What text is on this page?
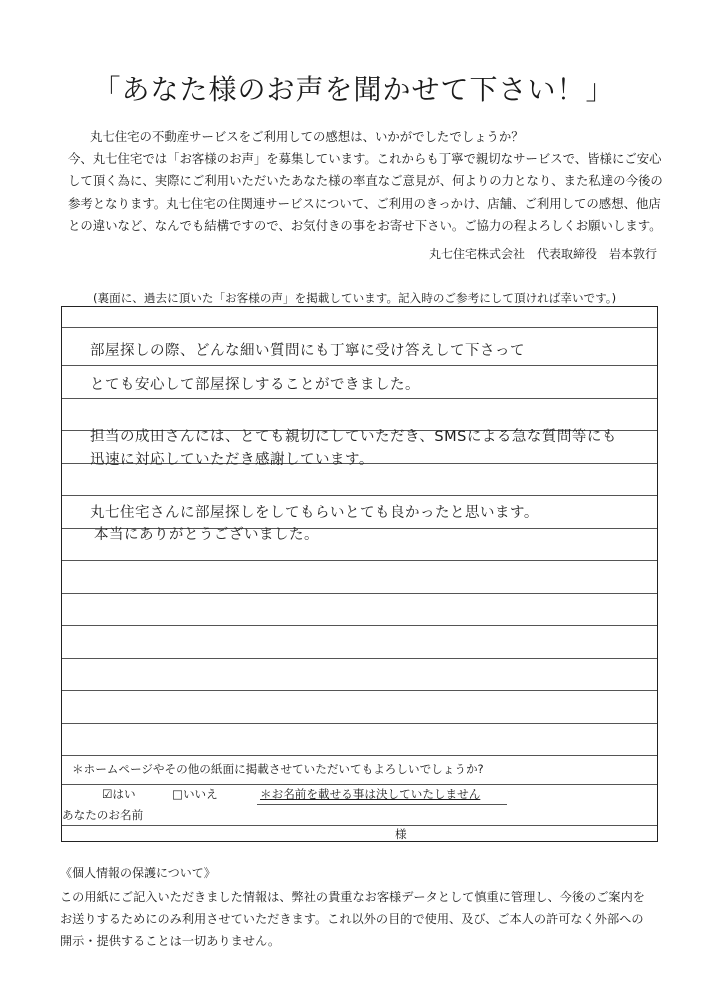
「あなた様のお声を聞かせて下さい！」
丸七住宅の不動産サービスをご利用しての感想は、いかがでしたでしょうか？
今、丸七住宅では「お客様のお声」を募集しています。これからも丁寧で親切なサービスで、皆様にご安心
して頂く為に、実際にご利用いただいたあなた様の率直なご意見が、何よりの力となり、また私達の今後の
参考となります。丸七住宅の住関連サービスについて、ご利用のきっかけ、店舗、ご利用しての感想、他店
との違いなど、なんでも結構ですので、お気付きの事をお寄せ下さい。ご協力の程よろしくお願いします。
丸七住宅株式会社　代表取締役　岩本敦行
(裏面に、過去に頂いた「お客様の声」を掲載しています。記入時のご参考にして頂ければ幸いです。)
部屋探しの際、どんな細い質問にも丁寧に受け答えして下さって
とても安心して部屋探しすることができました。
担当の成田さんには、とても親切にしていただき、SMSによる急な質問等にも
迅速に対応していただき感謝しています。
丸七住宅さんに部屋探しをしてもらいとても良かったと思います。
本当にありがとうございました。
＊ホームページやその他の紙面に掲載させていただいてもよろしいでしょうか?
☑はい	□いいえ	＊お名前を載せる事は決していたしません
あなたのお名前
様
《個人情報の保護について》
この用紙にご記入いただきました情報は、弊社の貴重なお客様データとして慎重に管理し、今後のご案内を
お送りするためにのみ利用させていただきます。これ以外の目的で使用、及び、ご本人の許可なく外部への
開示・提供することは一切ありません。
